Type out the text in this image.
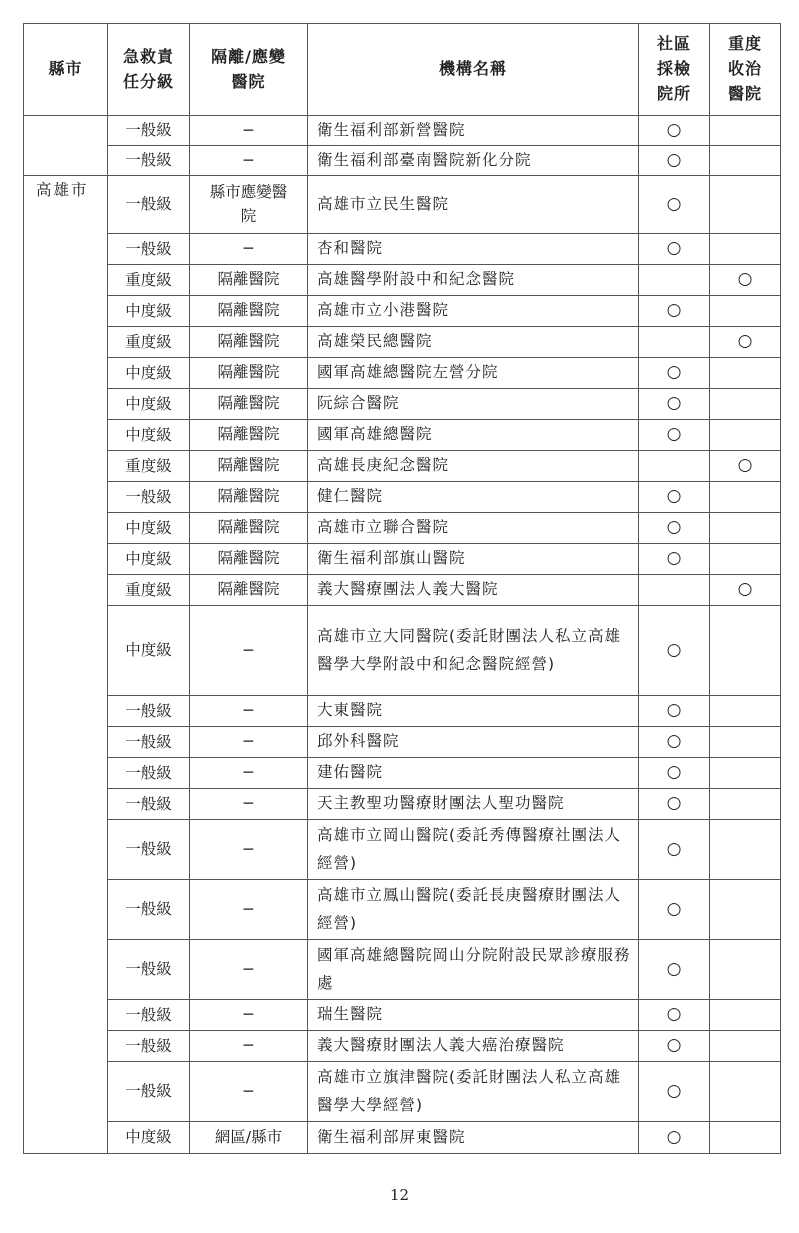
縣市	急救責任分級	隔離/應變醫院	機構名稱	社區採檢院所	重度收治醫院

	一般級	−	衛生福利部新營醫院	○	
	一般級	−	衛生福利部臺南醫院新化分院	○	
高雄市	一般級	縣市應變醫院	高雄市立民生醫院	○	
	一般級	−	杏和醫院	○	
	重度級	隔離醫院	高雄醫學附設中和紀念醫院		○
	中度級	隔離醫院	高雄市立小港醫院	○	
	重度級	隔離醫院	高雄榮民總醫院		○
	中度級	隔離醫院	國軍高雄總醫院左營分院	○	
	中度級	隔離醫院	阮綜合醫院	○	
	中度級	隔離醫院	國軍高雄總醫院	○	
	重度級	隔離醫院	高雄長庚紀念醫院		○
	一般級	隔離醫院	健仁醫院	○	
	中度級	隔離醫院	高雄市立聯合醫院	○	
	中度級	隔離醫院	衛生福利部旗山醫院	○	
	重度級	隔離醫院	義大醫療團法人義大醫院		○
	中度級	−	高雄市立大同醫院(委託財團法人私立高雄醫學大學附設中和紀念醫院經營)	○	
	一般級	−	大東醫院	○	
	一般級	−	邱外科醫院	○	
	一般級	−	建佑醫院	○	
	一般級	−	天主教聖功醫療財團法人聖功醫院	○	
	一般級	−	高雄市立岡山醫院(委託秀傳醫療社團法人經營)	○	
	一般級	−	高雄市立鳳山醫院(委託長庚醫療財團法人經營)	○	
	一般級	−	國軍高雄總醫院岡山分院附設民眾診療服務處	○	
	一般級	−	瑞生醫院	○	
	一般級	−	義大醫療財團法人義大癌治療醫院	○	
	一般級	−	高雄市立旗津醫院(委託財團法人私立高雄醫學大學經營)	○	
	中度級	網區/縣市	衛生福利部屏東醫院	○	
12
